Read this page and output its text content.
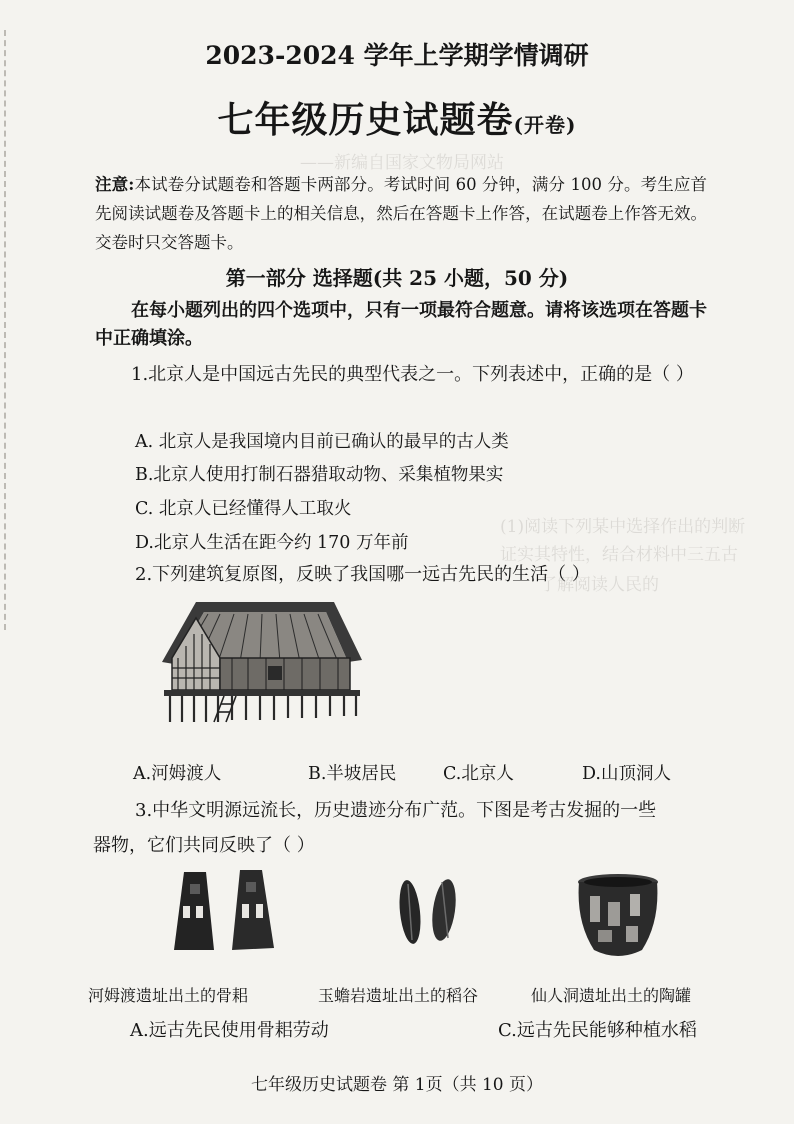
——新编自国家文物局网站
(1)阅读下列某中选择作出的判断
证实其特性，结合材料中三五古
了解阅读人民的
2023-2024 学年上学期学情调研
七年级历史试题卷(开卷)
注意:本试卷分试题卷和答题卡两部分。考试时间 60 分钟，满分 100 分。考生应首先阅读试题卷及答题卡上的相关信息，然后在答题卡上作答，在试题卷上作答无效。交卷时只交答题卡。
第一部分 选择题(共 25 小题，50 分)
在每小题列出的四个选项中，只有一项最符合题意。请将该选项在答题卡中正确填涂。
1.北京人是中国远古先民的典型代表之一。下列表述中，正确的是（ ）
A. 北京人是我国境内目前已确认的最早的古人类
B.北京人使用打制石器猎取动物、采集植物果实
C. 北京人已经懂得人工取火
D.北京人生活在距今约 170 万年前
2.下列建筑复原图，反映了我国哪一远古先民的生活（ ）
A.河姆渡人	B.半坡居民	C.北京人	D.山顶洞人
3.中华文明源远流长，历史遗迹分布广范。下图是考古发掘的一些
器物，它们共同反映了（ ）
河姆渡遗址出土的骨耜	玉蟾岩遗址出土的稻谷	仙人洞遗址出土的陶罐
A.远古先民使用骨耜劳动	C.远古先民能够种植水稻
七年级历史试题卷 第 1页（共 10 页）
